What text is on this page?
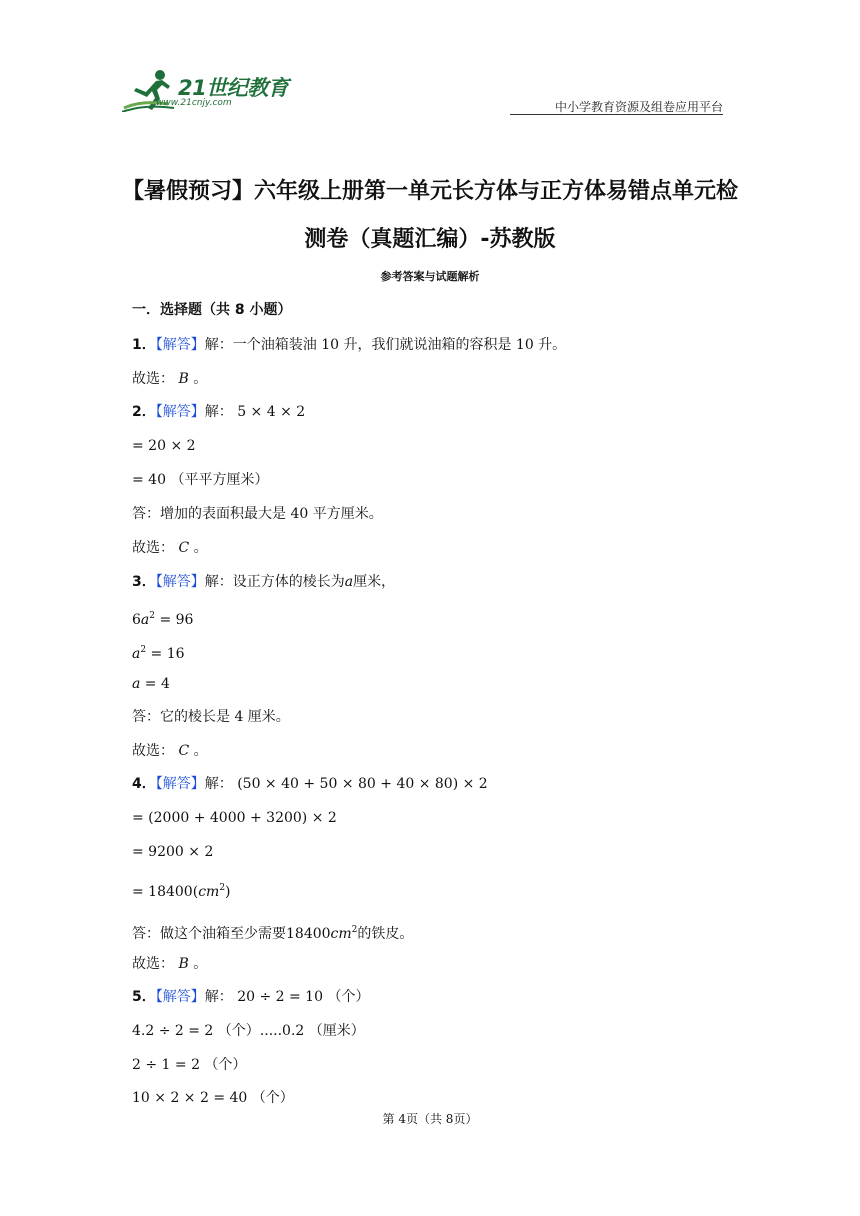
21世纪教育
www.21cnjy.com	中小学教育资源及组卷应用平台
【暑假预习】六年级上册第一单元长方体与正方体易错点单元检
测卷（真题汇编）-苏教版
参考答案与试题解析
一．选择题（共 8 小题）
1．【解答】解：一个油箱装油 10 升，我们就说油箱的容积是 10 升。
故选： B 。
2．【解答】解： 5 × 4 × 2
= 20 × 2
= 40 （平平方厘米）
答：增加的表面积最大是 40 平方厘米。
故选： C 。
3．【解答】解：设正方体的棱长为a厘米，
$6a^2 = 96$
$a^2 = 16$
a = 4
答：它的棱长是 4 厘米。
故选： C 。
4．【解答】解： (50 × 40 + 50 × 80 + 40 × 80) × 2
= (2000 + 4000 + 3200) × 2
= 9200 × 2
= $18400(cm^2)$
答：做这个油箱至少需要$18400cm^2$的铁皮。
故选： B 。
5．【解答】解： 20 ÷ 2 = 10 （个）
4.2 ÷ 2 = 2 （个）.....0.2 （厘米）
2 ÷ 1 = 2 （个）
10 × 2 × 2 = 40 （个）
第 4页（共 8页）
